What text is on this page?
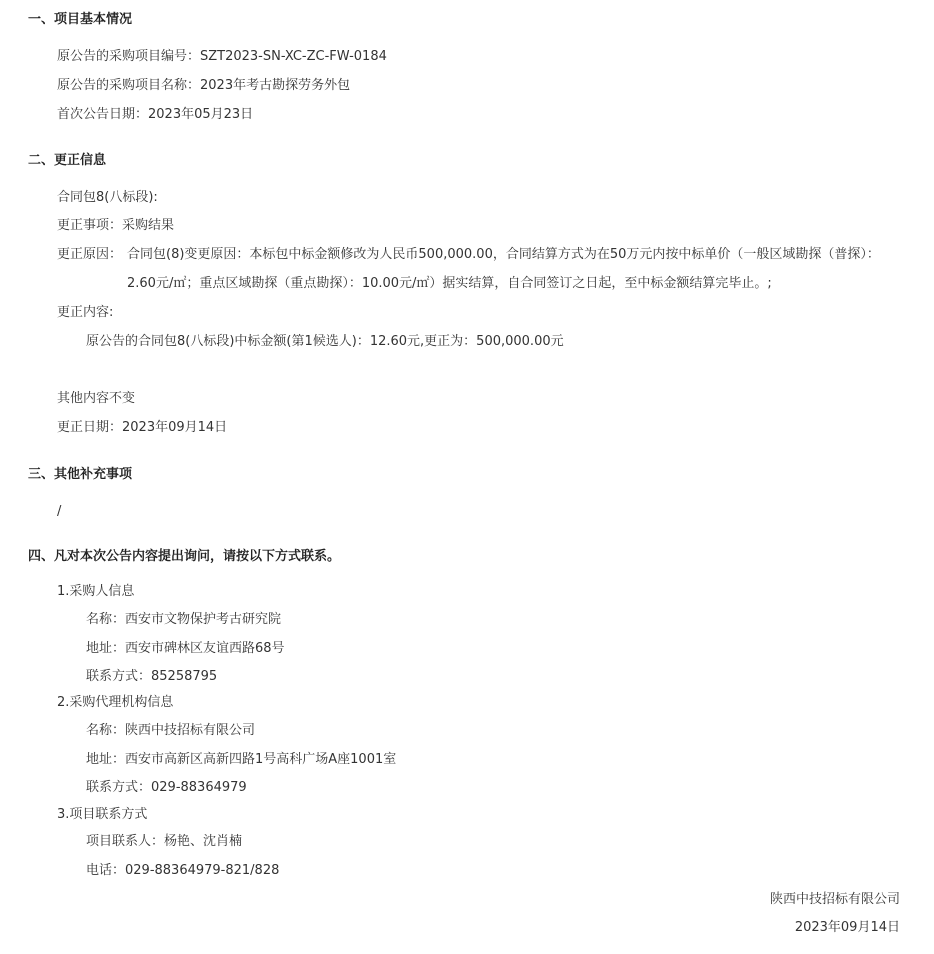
一、项目基本情况
原公告的采购项目编号：SZT2023-SN-XC-ZC-FW-0184
原公告的采购项目名称：2023年考古勘探劳务外包
首次公告日期：2023年05月23日
二、更正信息
合同包8(八标段):
更正事项：采购结果
更正原因： 合同包(8)变更原因：本标包中标金额修改为人民币500,000.00，合同结算方式为在50万元内按中标单价（一般区域勘探（普探）：2.60元/㎡；重点区域勘探（重点勘探）：10.00元/㎡）据实结算，自合同签订之日起，至中标金额结算完毕止。;
更正内容:
原公告的合同包8(八标段)中标金额(第1候选人)：12.60元,更正为：500,000.00元
其他内容不变
更正日期：2023年09月14日
三、其他补充事项
/
四、凡对本次公告内容提出询问，请按以下方式联系。
1.采购人信息
名称：西安市文物保护考古研究院
地址：西安市碑林区友谊西路68号
联系方式：85258795
2.采购代理机构信息
名称：陕西中技招标有限公司
地址：西安市高新区高新四路1号高科广场A座1001室
联系方式：029-88364979
3.项目联系方式
项目联系人：杨艳、沈肖楠
电话：029-88364979-821/828
陕西中技招标有限公司
2023年09月14日
